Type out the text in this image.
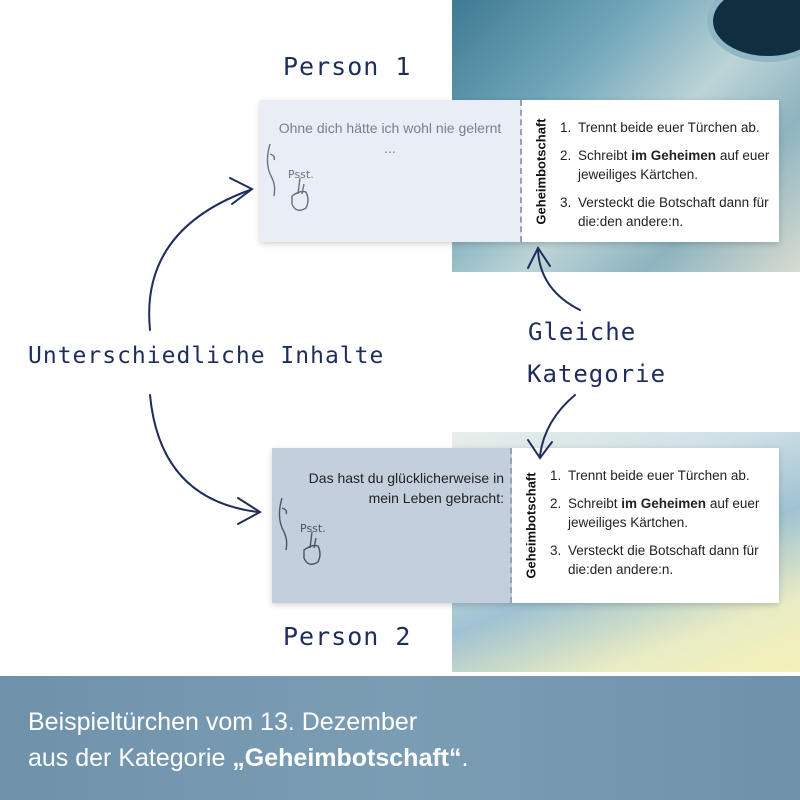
Person 1
Person 2
Unterschiedliche Inhalte
Gleiche
Kategorie
Ohne dich hätte ich wohl nie gelernt ...
Psst.	Geheimbotschaft 1. Trennt beide euer Türchen ab.
2. Schreibt im Geheimen auf euer jeweiliges Kärtchen.
3. Versteckt die Botschaft dann für die:den andere:n.
Das hast du glücklicherweise in mein Leben gebracht:
Psst.	Geheimbotschaft 1. Trennt beide euer Türchen ab.
2. Schreibt im Geheimen auf euer jeweiliges Kärtchen.
3. Versteckt die Botschaft dann für die:den andere:n.
Beispieltürchen vom 13. Dezember
aus der Kategorie „Geheimbotschaft“.
